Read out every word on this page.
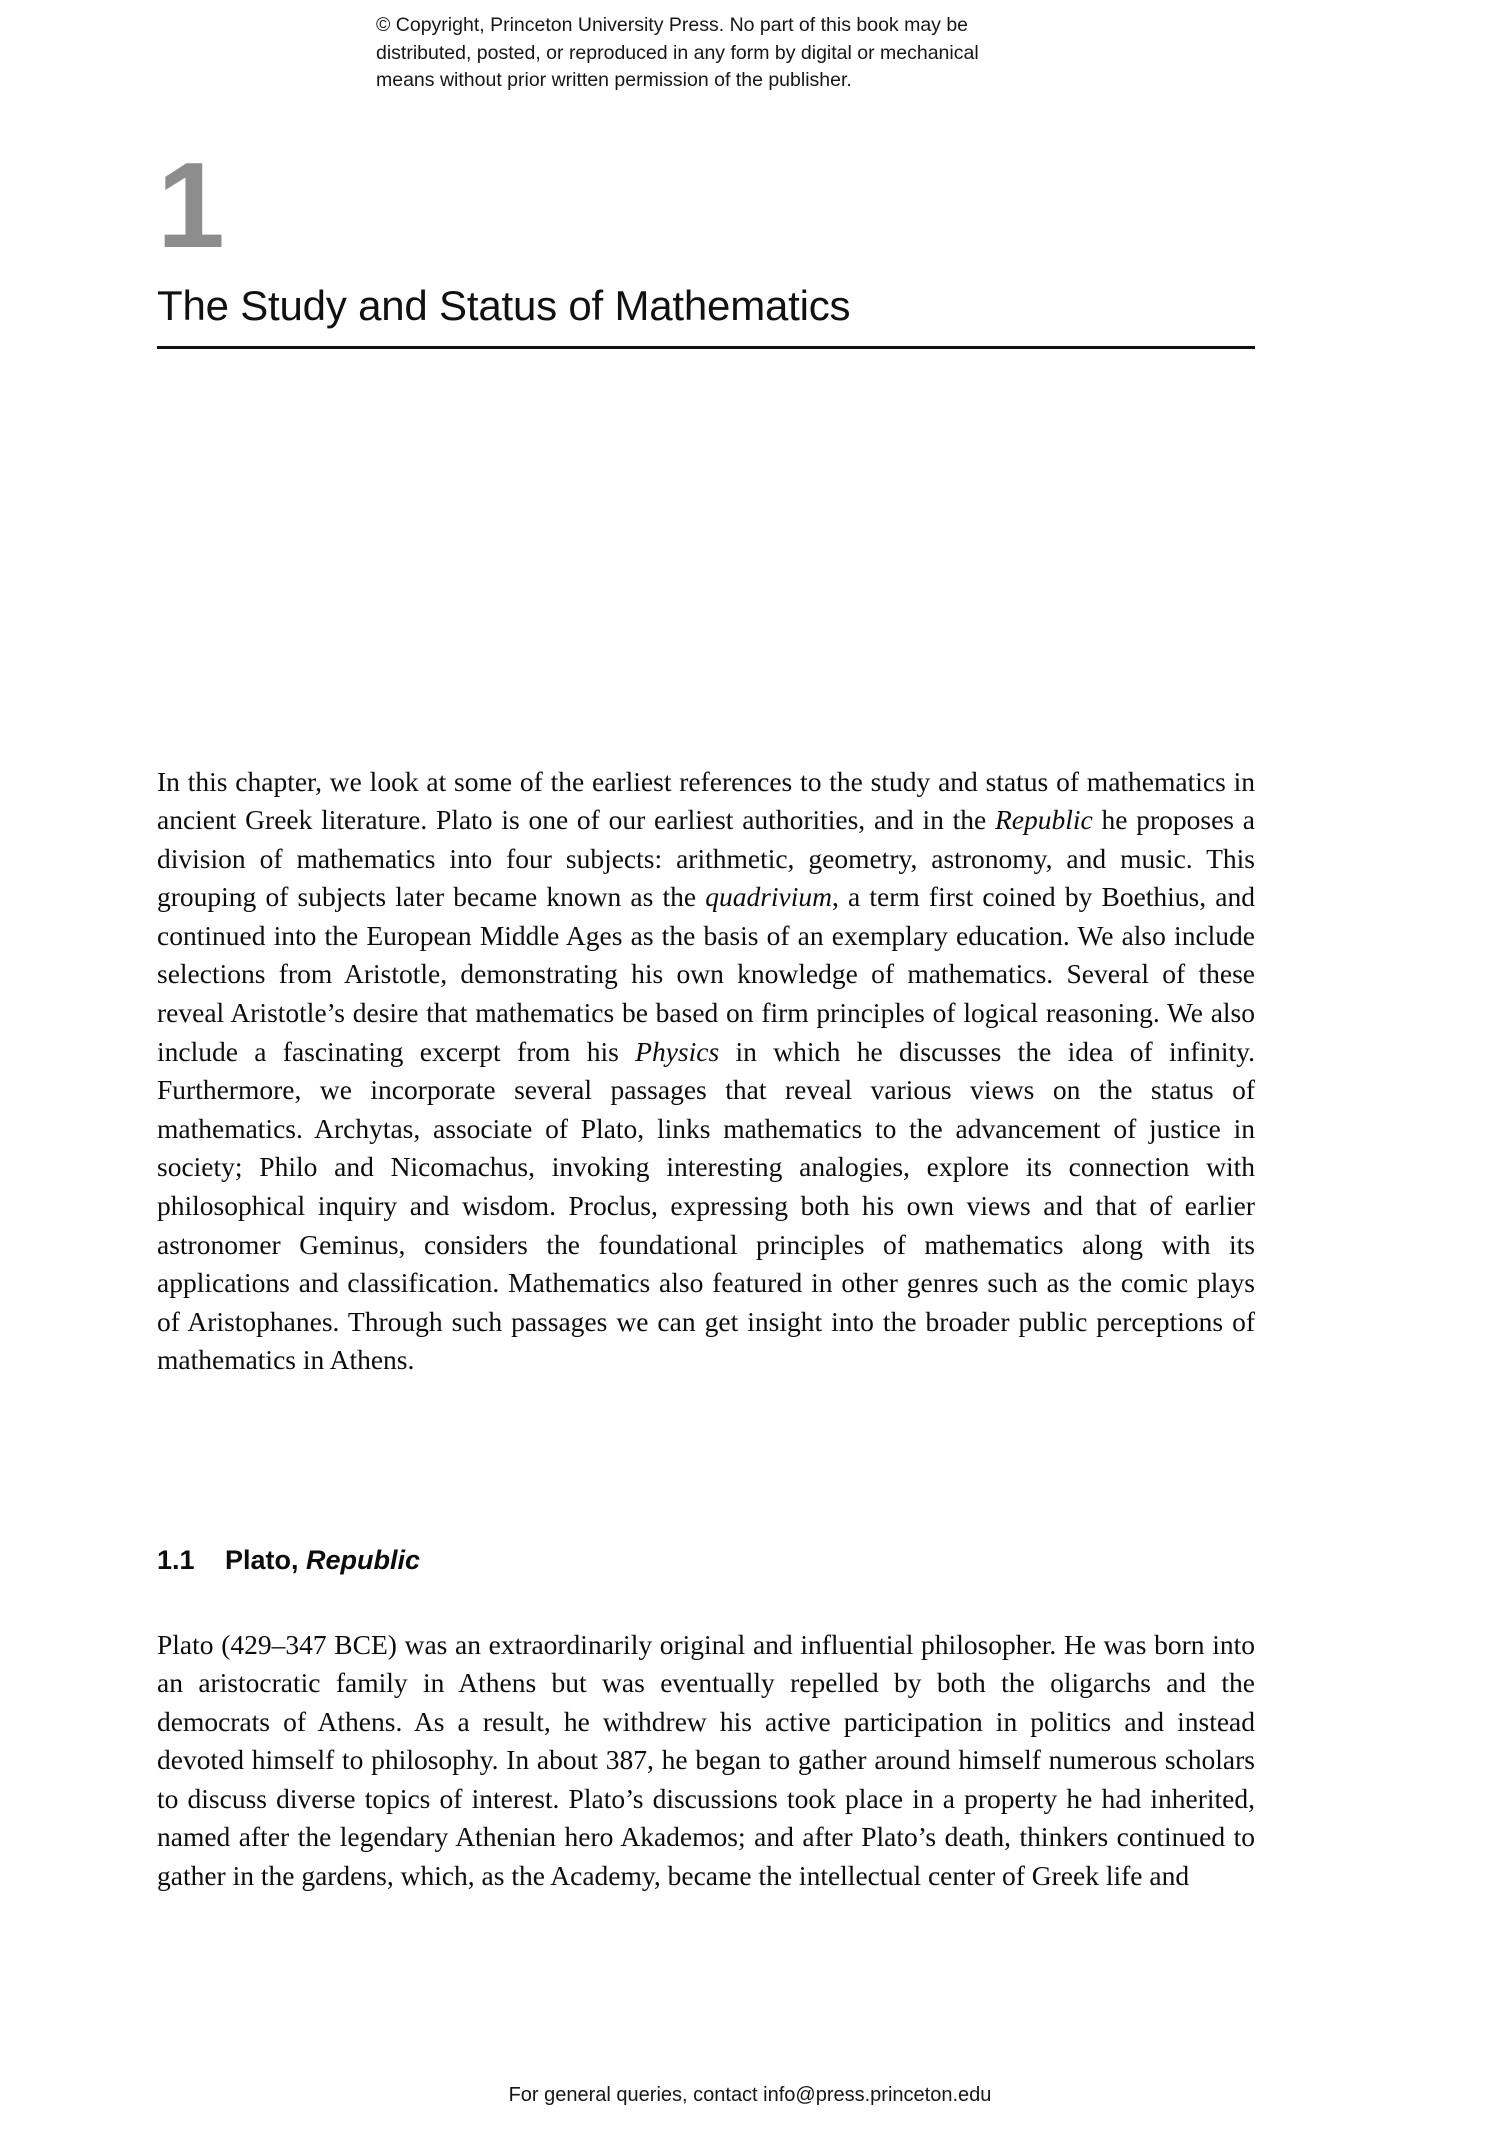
© Copyright, Princeton University Press. No part of this book may be
distributed, posted, or reproduced in any form by digital or mechanical
means without prior written permission of the publisher.
1
The Study and Status of Mathematics

In this chapter, we look at some of the earliest references to the study and status of mathematics in ancient Greek literature. Plato is one of our earliest authorities, and in the Republic he proposes a division of mathematics into four subjects: arithmetic, geometry, astronomy, and music. This grouping of subjects later became known as the quadrivium, a term first coined by Boethius, and continued into the European Middle Ages as the basis of an exemplary education. We also include selections from Aristotle, demonstrating his own knowledge of mathematics. Several of these reveal Aristotle’s desire that mathematics be based on firm principles of logical reasoning. We also include a fascinating excerpt from his Physics in which he discusses the idea of infinity. Furthermore, we incorporate several passages that reveal various views on the status of mathematics. Archytas, associate of Plato, links mathematics to the advancement of justice in society; Philo and Nicomachus, invoking interesting analogies, explore its connection with philosophical inquiry and wisdom. Proclus, expressing both his own views and that of earlier astronomer Geminus, considers the foundational principles of mathematics along with its applications and classification. Mathematics also featured in other genres such as the comic plays of Aristophanes. Through such passages we can get insight into the broader public perceptions of mathematics in Athens.

1.1 Plato, Republic

Plato (429–347 BCE) was an extraordinarily original and influential philosopher. He was born into an aristocratic family in Athens but was eventually repelled by both the oligarchs and the democrats of Athens. As a result, he withdrew his active participation in politics and instead devoted himself to philosophy. In about 387, he began to gather around himself numerous scholars to discuss diverse topics of interest. Plato’s discussions took place in a property he had inherited, named after the legendary Athenian hero Akademos; and after Plato’s death, thinkers continued to gather in the gardens, which, as the Academy, became the intellectual center of Greek life and

For general queries, contact info@press.princeton.edu
